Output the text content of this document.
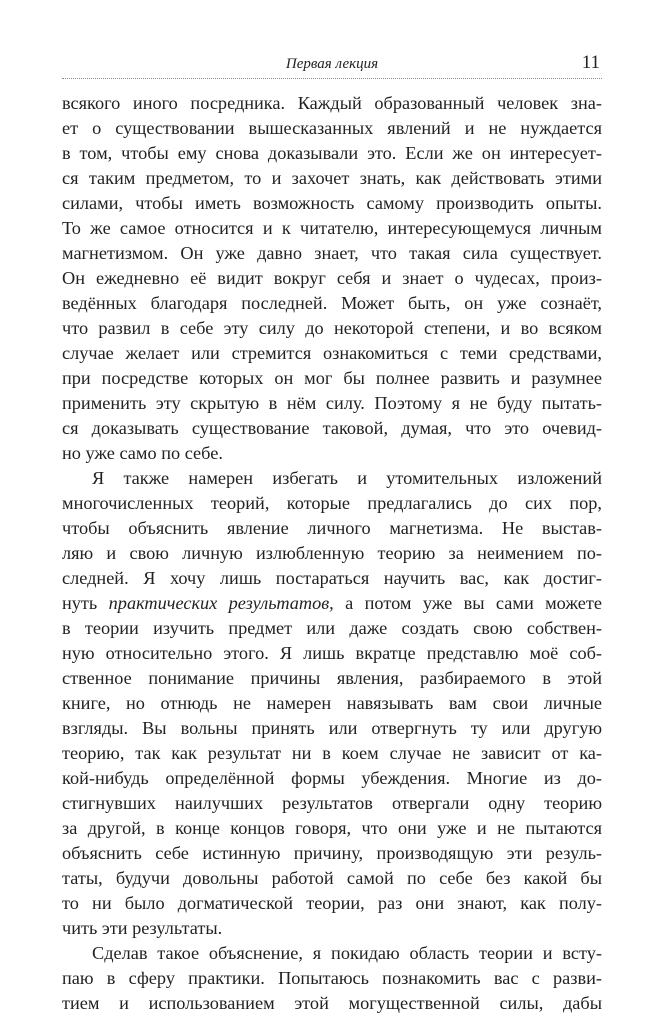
Первая лекция	11
всякого иного посредника. Каждый образованный человек зна-
ет о существовании вышесказанных явлений и не нуждается
в том, чтобы ему снова доказывали это. Если же он интересует-
ся таким предметом, то и захочет знать, как действовать этими
силами, чтобы иметь возможность самому производить опыты.
То же самое относится и к читателю, интересующемуся личным
магнетизмом. Он уже давно знает, что такая сила существует.
Он ежедневно её видит вокруг себя и знает о чудесах, произ-
ведённых благодаря последней. Может быть, он уже сознаёт,
что развил в себе эту силу до некоторой степени, и во всяком
случае желает или стремится ознакомиться с теми средствами,
при посредстве которых он мог бы полнее развить и разумнее
применить эту скрытую в нём силу. Поэтому я не буду пытать-
ся доказывать существование таковой, думая, что это очевид-
но уже само по себе.
Я также намерен избегать и утомительных изложений
многочисленных теорий, которые предлагались до сих пор,
чтобы объяснить явление личного магнетизма. Не выстав-
ляю и свою личную излюбленную теорию за неимением по-
следней. Я хочу лишь постараться научить вас, как достиг-
нуть практических результатов, а потом уже вы сами можете
в теории изучить предмет или даже создать свою собствен-
ную относительно этого. Я лишь вкратце представлю моё соб-
ственное понимание причины явления, разбираемого в этой
книге, но отнюдь не намерен навязывать вам свои личные
взгляды. Вы вольны принять или отвергнуть ту или другую
теорию, так как результат ни в коем случае не зависит от ка-
кой-нибудь определённой формы убеждения. Многие из до-
стигнувших наилучших результатов отвергали одну теорию
за другой, в конце концов говоря, что они уже и не пытаются
объяснить себе истинную причину, производящую эти резуль-
таты, будучи довольны работой самой по себе без какой бы
то ни было догматической теории, раз они знают, как полу-
чить эти результаты.
Сделав такое объяснение, я покидаю область теории и всту-
паю в сферу практики. Попытаюсь познакомить вас с разви-
тием и использованием этой могущественной силы, дабы
